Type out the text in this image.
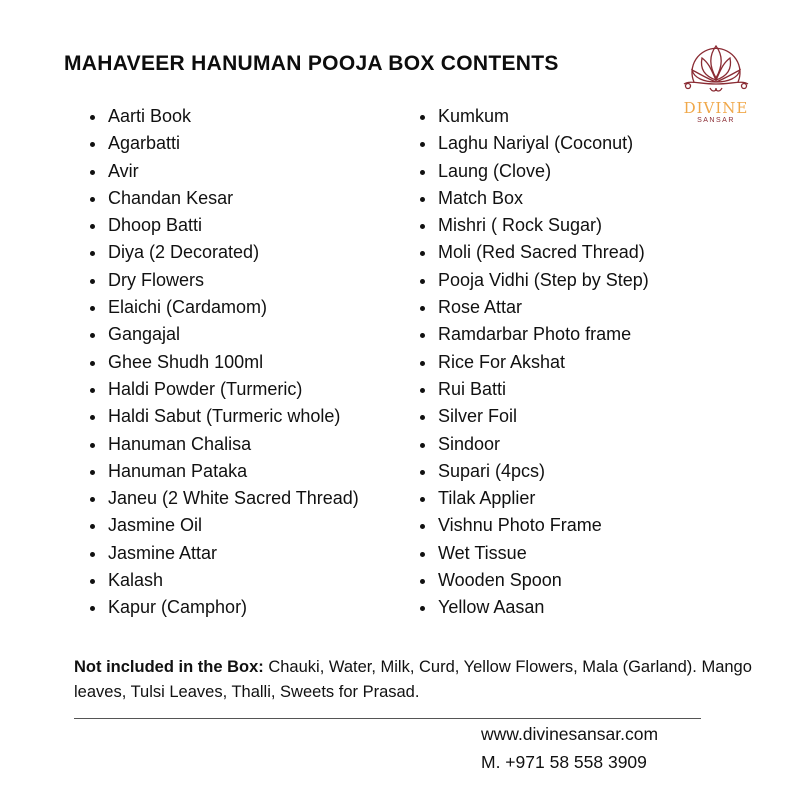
MAHAVEER HANUMAN POOJA BOX CONTENTS
DIVINE
SANSAR
Aarti Book
Agarbatti
Avir
Chandan Kesar
Dhoop Batti
Diya (2 Decorated)
Dry Flowers
Elaichi (Cardamom)
Gangajal
Ghee Shudh 100ml
Haldi Powder (Turmeric)
Haldi Sabut (Turmeric whole)
Hanuman Chalisa
Hanuman Pataka
Janeu (2 White Sacred Thread)
Jasmine Oil
Jasmine Attar
Kalash
Kapur (Camphor)
Kumkum
Laghu Nariyal (Coconut)
Laung (Clove)
Match Box
Mishri ( Rock Sugar)
Moli (Red Sacred Thread)
Pooja Vidhi (Step by Step)
Rose Attar
Ramdarbar Photo frame
Rice For Akshat
Rui Batti
Silver Foil
Sindoor
Supari (4pcs)
Tilak Applier
Vishnu Photo Frame
Wet Tissue
Wooden Spoon
Yellow Aasan
Not included in the Box: Chauki, Water, Milk, Curd, Yellow Flowers, Mala (Garland). Mango leaves, Tulsi Leaves, Thalli, Sweets for Prasad.
www.divinesansar.com
M. +971 58 558 3909
